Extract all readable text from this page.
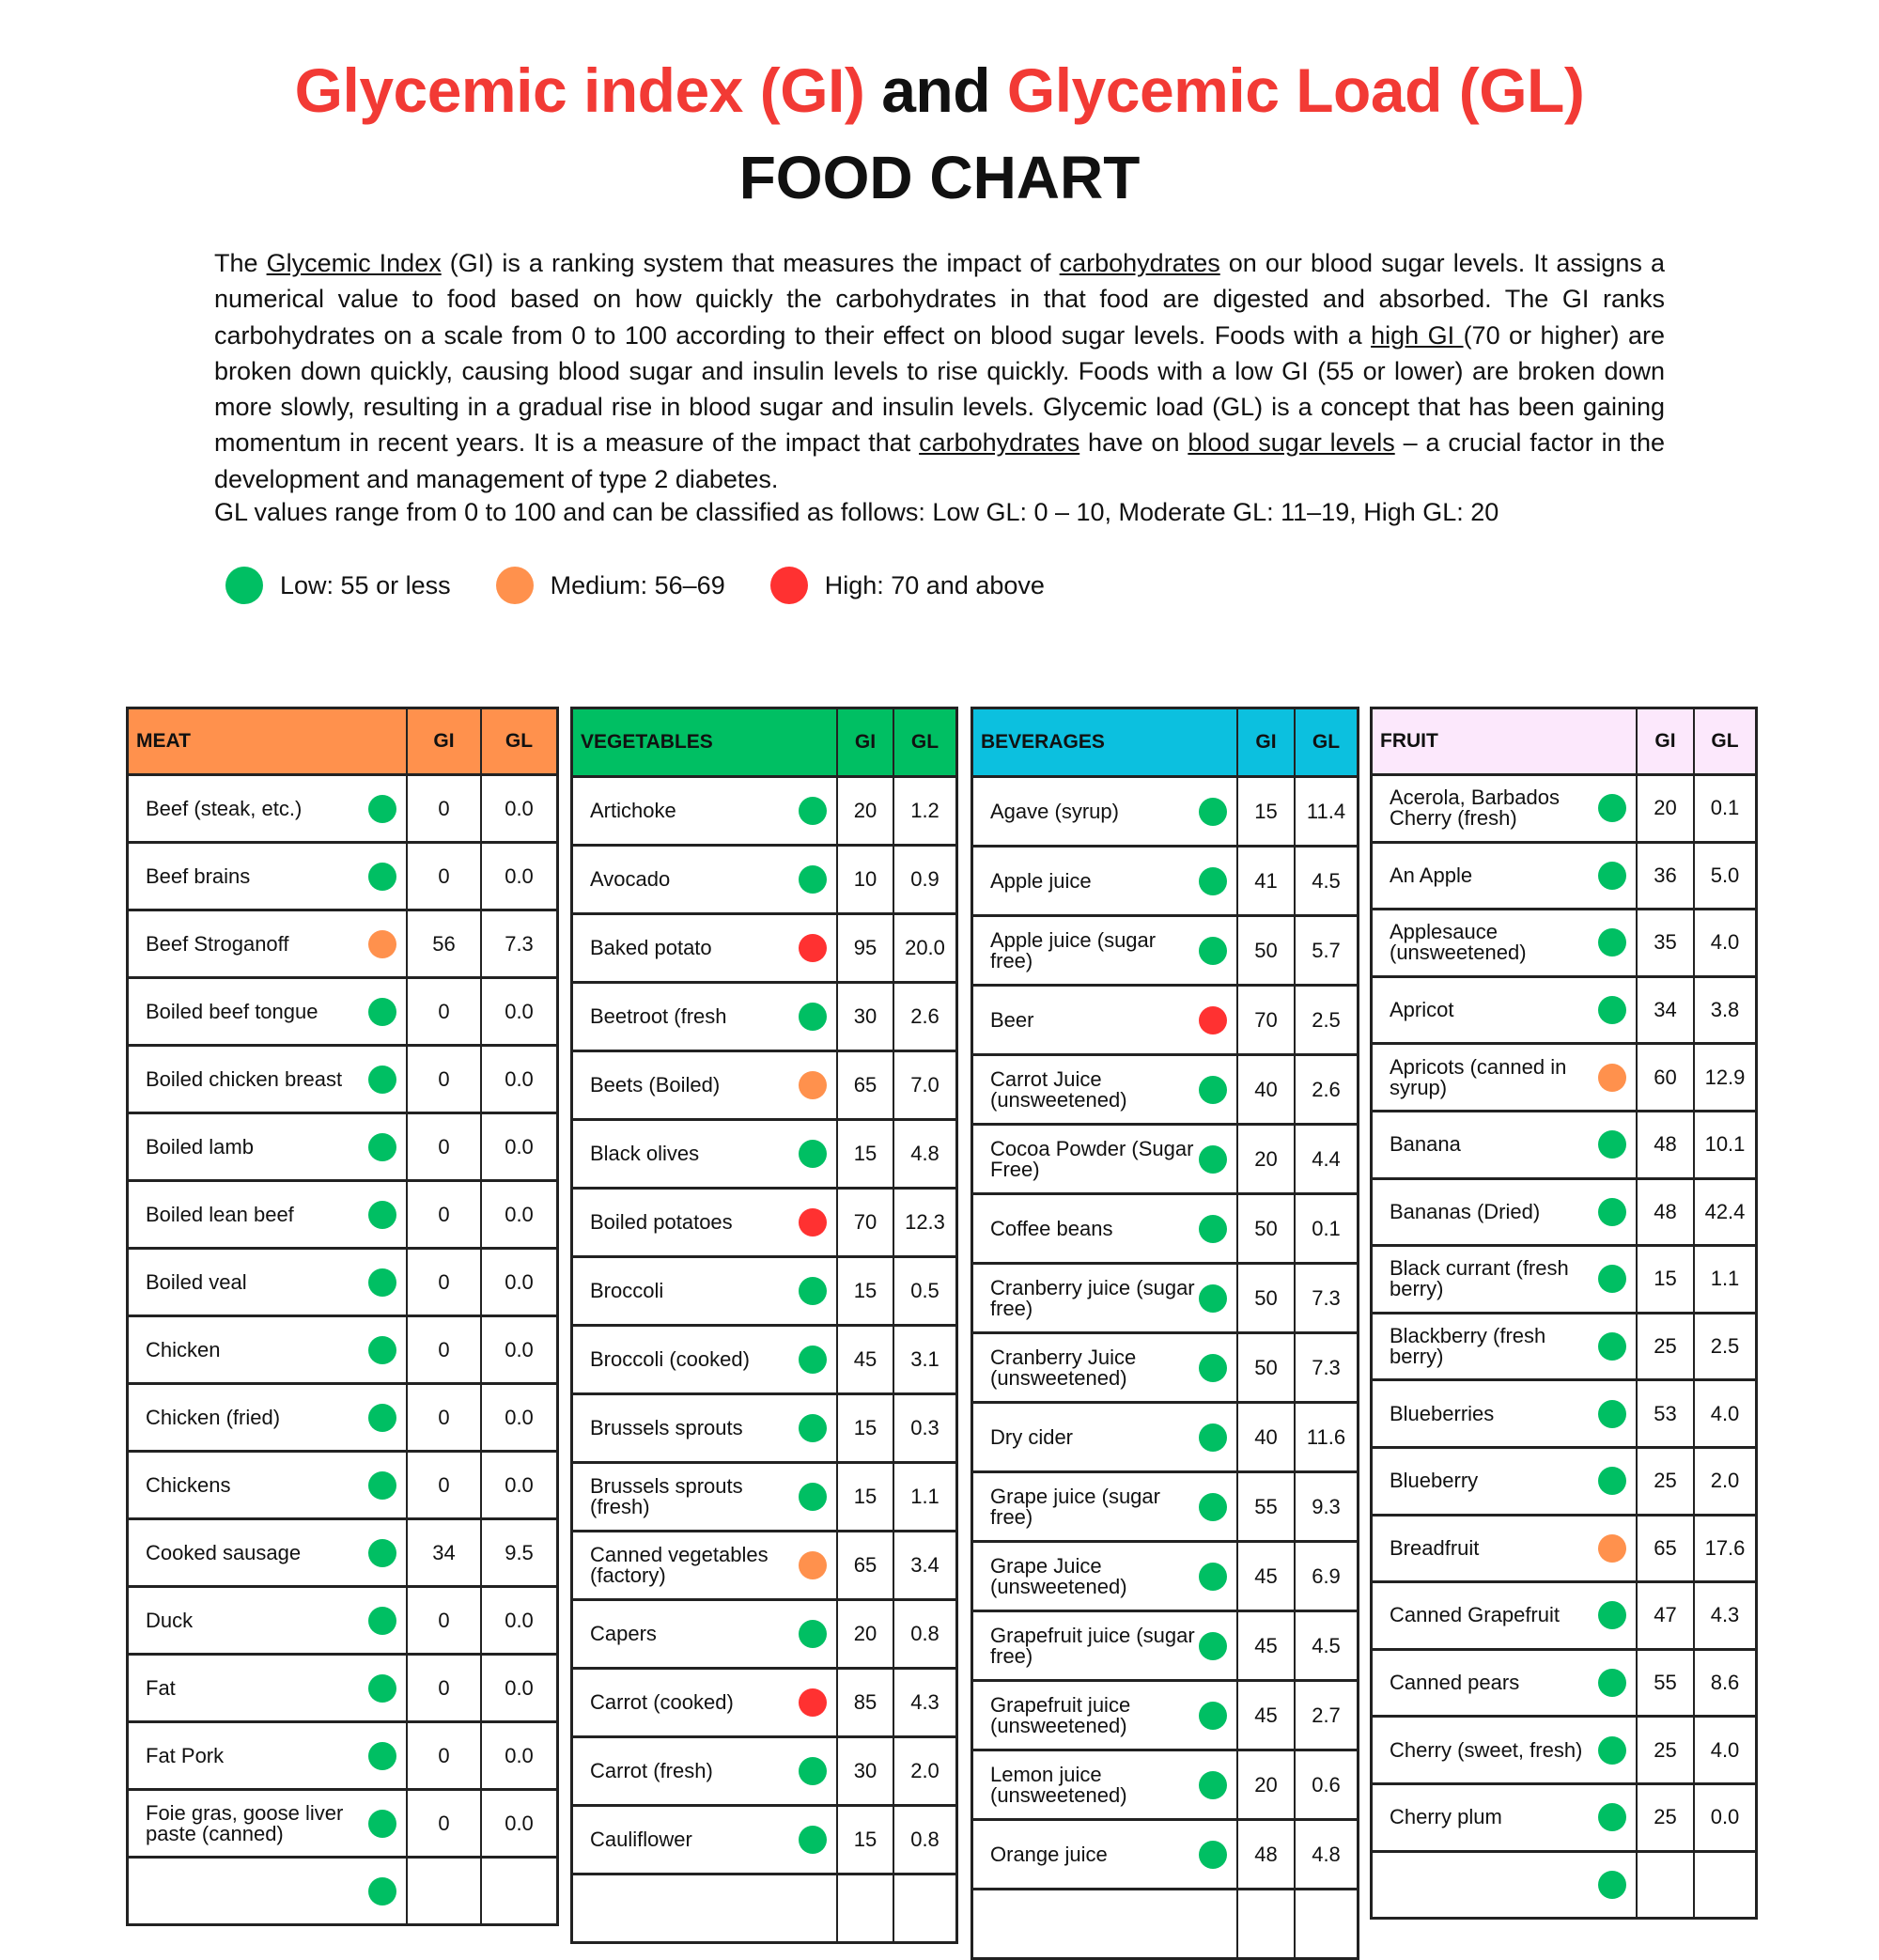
Glycemic index (GI) and Glycemic Load (GL)
FOOD CHART
The Glycemic Index (GI) is a ranking system that measures the impact of carbohydrates on our blood sugar levels. It assigns a numerical value to food based on how quickly the carbohydrates in that food are digested and absorbed. The GI ranks carbohydrates on a scale from 0 to 100 according to their effect on blood sugar levels. Foods with a high GI (70 or higher) are broken down quickly, causing blood sugar and insulin levels to rise quickly. Foods with a low GI (55 or lower) are broken down more slowly, resulting in a gradual rise in blood sugar and insulin levels. Glycemic load (GL) is a concept that has been gaining momentum in recent years. It is a measure of the impact that carbohydrates have on blood sugar levels – a crucial factor in the development and management of type 2 diabetes.
GL values range from 0 to 100 and can be classified as follows: Low GL: 0 – 10, Moderate GL: 11–19, High GL: 20
Low: 55 or less	Medium: 56–69	High: 70 and above
MEAT	GI	GL
Beef (steak, etc.)	0	0.0
Beef brains	0	0.0
Beef Stroganoff	56 7.3
Boiled beef tongue	0	0.0
Boiled chicken breast	0	0.0
Boiled lamb	0	0.0
Boiled lean beef	0	0.0
Boiled veal	0	0.0
Chicken	0	0.0
Chicken (fried)	0	0.0
Chickens	0	0.0
Cooked sausage	34 9.5
Duck	0	0.0
Fat	0	0.0
Fat Pork	0	0.0
Foie gras, goose liver paste (canned)	0	0.0
VEGETABLES	GI	GL
Artichoke	20 1.2
Avocado	10 0.9
Baked potato	95 20.0
Beetroot (fresh	30 2.6
Beets (Boiled)	65 7.0
Black olives	15 4.8
Boiled potatoes	70 12.3
Broccoli	15 0.5
Broccoli (cooked)	45 3.1
Brussels sprouts	15 0.3
Brussels sprouts (fresh)	15 1.1
Canned vegetables (factory)	65 3.4
Capers	20 0.8
Carrot (cooked)	85 4.3
Carrot (fresh)	30 2.0
Cauliflower	15 0.8
BEVERAGES	GI	GL
Agave (syrup)	15 11.4
Apple juice	41 4.5
Apple juice (sugar free)	50 5.7
Beer	70 2.5
Carrot Juice (unsweetened)	40 2.6
Cocoa Powder (Sugar Free)	20 4.4
Coffee beans	50 0.1
Cranberry juice (sugar free)	50 7.3
Cranberry Juice (unsweetened)	50 7.3
Dry cider	40 11.6
Grape juice (sugar free)	55 9.3
Grape Juice (unsweetened)	45 6.9
Grapefruit juice (sugar free)	45 4.5
Grapefruit juice (unsweetened)	45 2.7
Lemon juice (unsweetened)	20 0.6
Orange juice	48 4.8
FRUIT	GI	GL
Acerola, Barbados Cherry (fresh)	20 0.1
An Apple	36 5.0
Applesauce (unsweetened)	35 4.0
Apricot	34 3.8
Apricots (canned in syrup)	60 12.9
Banana	48 10.1
Bananas (Dried)	48 42.4
Black currant (fresh berry)	15 1.1
Blackberry (fresh berry)	25 2.5
Blueberries	53 4.0
Blueberry	25 2.0
Breadfruit	65 17.6
Canned Grapefruit	47 4.3
Canned pears	55 8.6
Cherry (sweet, fresh)	25 4.0
Cherry plum	25 0.0
